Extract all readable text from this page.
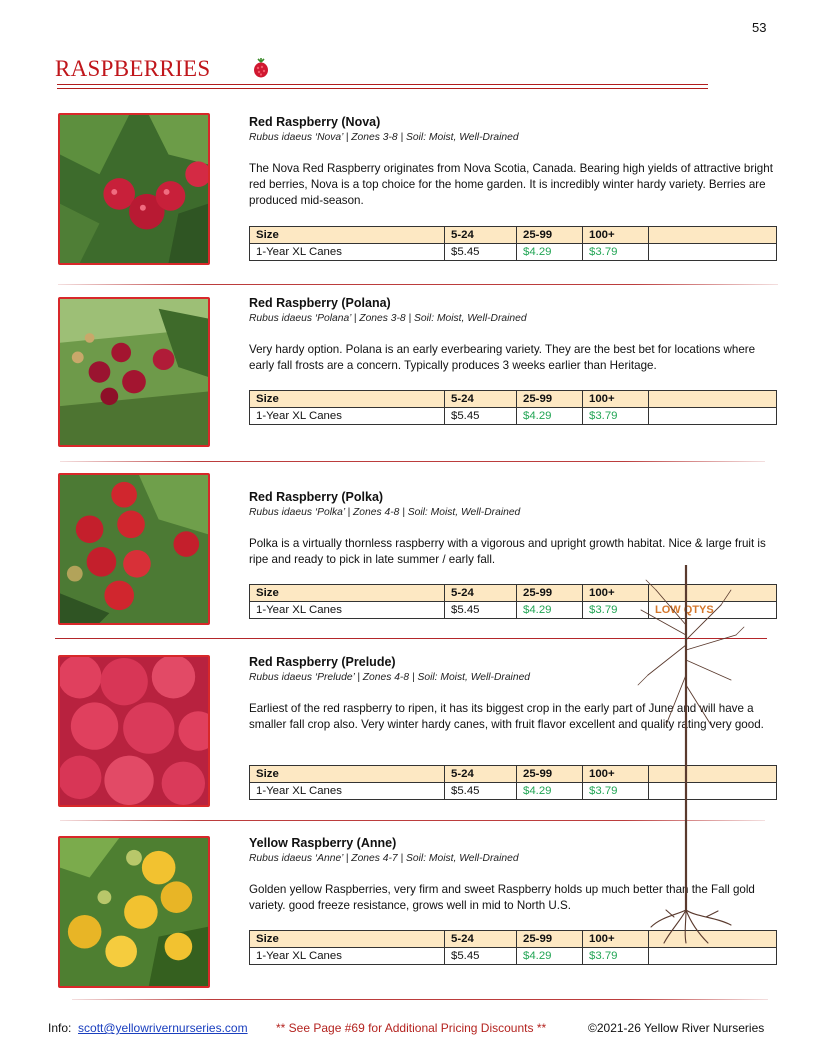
53
RASPBERRIES
Red Raspberry (Nova)
Rubus idaeus ‘Nova’ | Zones 3-8 | Soil: Moist, Well-Drained
The Nova Red Raspberry originates from Nova Scotia, Canada. Bearing high yields of attractive bright red berries, Nova is a top choice for the home garden. It is incredibly winter hardy variety. Berries are produced mid-season.
Size	5-24	25-99	100+	
1-Year XL Canes	$5.45	$4.29	$3.79	
Red Raspberry (Polana)
Rubus idaeus ‘Polana’ | Zones 3-8 | Soil: Moist, Well-Drained
Very hardy option. Polana is an early everbearing variety. They are the best bet for locations where early fall frosts are a concern. Typically produces 3 weeks earlier than Heritage.
Size	5-24	25-99	100+	
1-Year XL Canes	$5.45	$4.29	$3.79	
Red Raspberry (Polka)
Rubus idaeus ‘Polka’ | Zones 4-8 | Soil: Moist, Well-Drained
Polka is a virtually thornless raspberry with a vigorous and upright growth habitat. Nice & large fruit is ripe and ready to pick in late summer / early fall.
Size	5-24	25-99	100+	
1-Year XL Canes	$5.45	$4.29	$3.79	LOW QTYS
Red Raspberry (Prelude)
Rubus idaeus ‘Prelude’ | Zones 4-8 | Soil: Moist, Well-Drained
Earliest of the red raspberry to ripen, it has its biggest crop in the early part of June and will have a smaller fall crop also. Very winter hardy canes, with fruit flavor excellent and quality rating very good.
Size	5-24	25-99	100+	
1-Year XL Canes	$5.45	$4.29	$3.79	
Yellow Raspberry (Anne)
Rubus idaeus ‘Anne’ | Zones 4-7 | Soil: Moist, Well-Drained
Golden yellow Raspberries, very firm and sweet Raspberry holds up much better than the Fall gold variety. good freeze resistance, grows well in mid to North U.S.
Size	5-24	25-99	100+	
1-Year XL Canes	$5.45	$4.29	$3.79	
Info: scott@yellowrivernurseries.com ** See Page #69 for Additional Pricing Discounts **	©2021-26 Yellow River Nurseries
